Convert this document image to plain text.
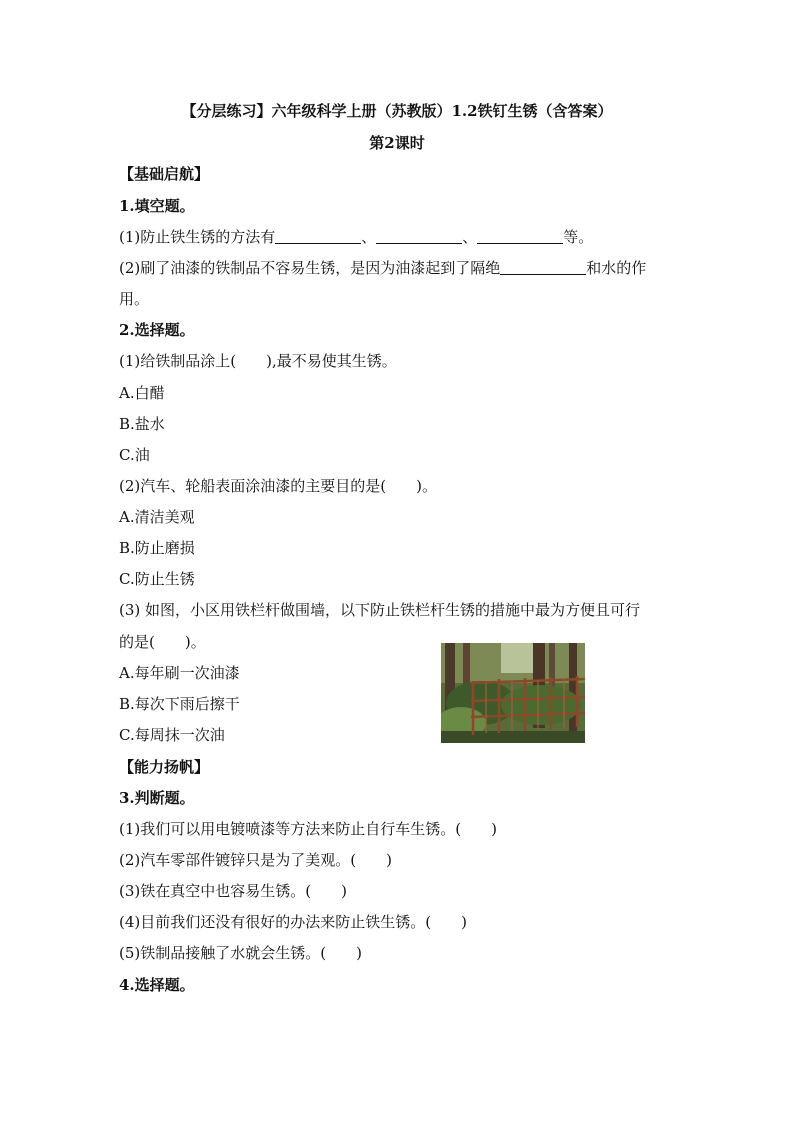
【分层练习】六年级科学上册（苏教版）1.2铁钉生锈（含答案）
第2课时
【基础启航】
1.填空题。
(1)防止铁生锈的方法有	、	、	等。
(2)刷了油漆的铁制品不容易生锈，是因为油漆起到了隔绝	和水的作
用。
2.选择题。
(1)给铁制品涂上(　　),最不易使其生锈。
A.白醋
B.盐水
C.油
(2)汽车、轮船表面涂油漆的主要目的是(　　)。
A.清洁美观
B.防止磨损
C.防止生锈
(3) 如图，小区用铁栏杆做围墙，以下防止铁栏杆生锈的措施中最为方便且可行
的是(　　)。
A.每年刷一次油漆
B.每次下雨后擦干
C.每周抹一次油
【能力扬帆】
3.判断题。
(1)我们可以用电镀喷漆等方法来防止自行车生锈。(　　)
(2)汽车零部件镀锌只是为了美观。(　　)
(3)铁在真空中也容易生锈。(　　)
(4)目前我们还没有很好的办法来防止铁生锈。(　　)
(5)铁制品接触了水就会生锈。(　　)
4.选择题。
